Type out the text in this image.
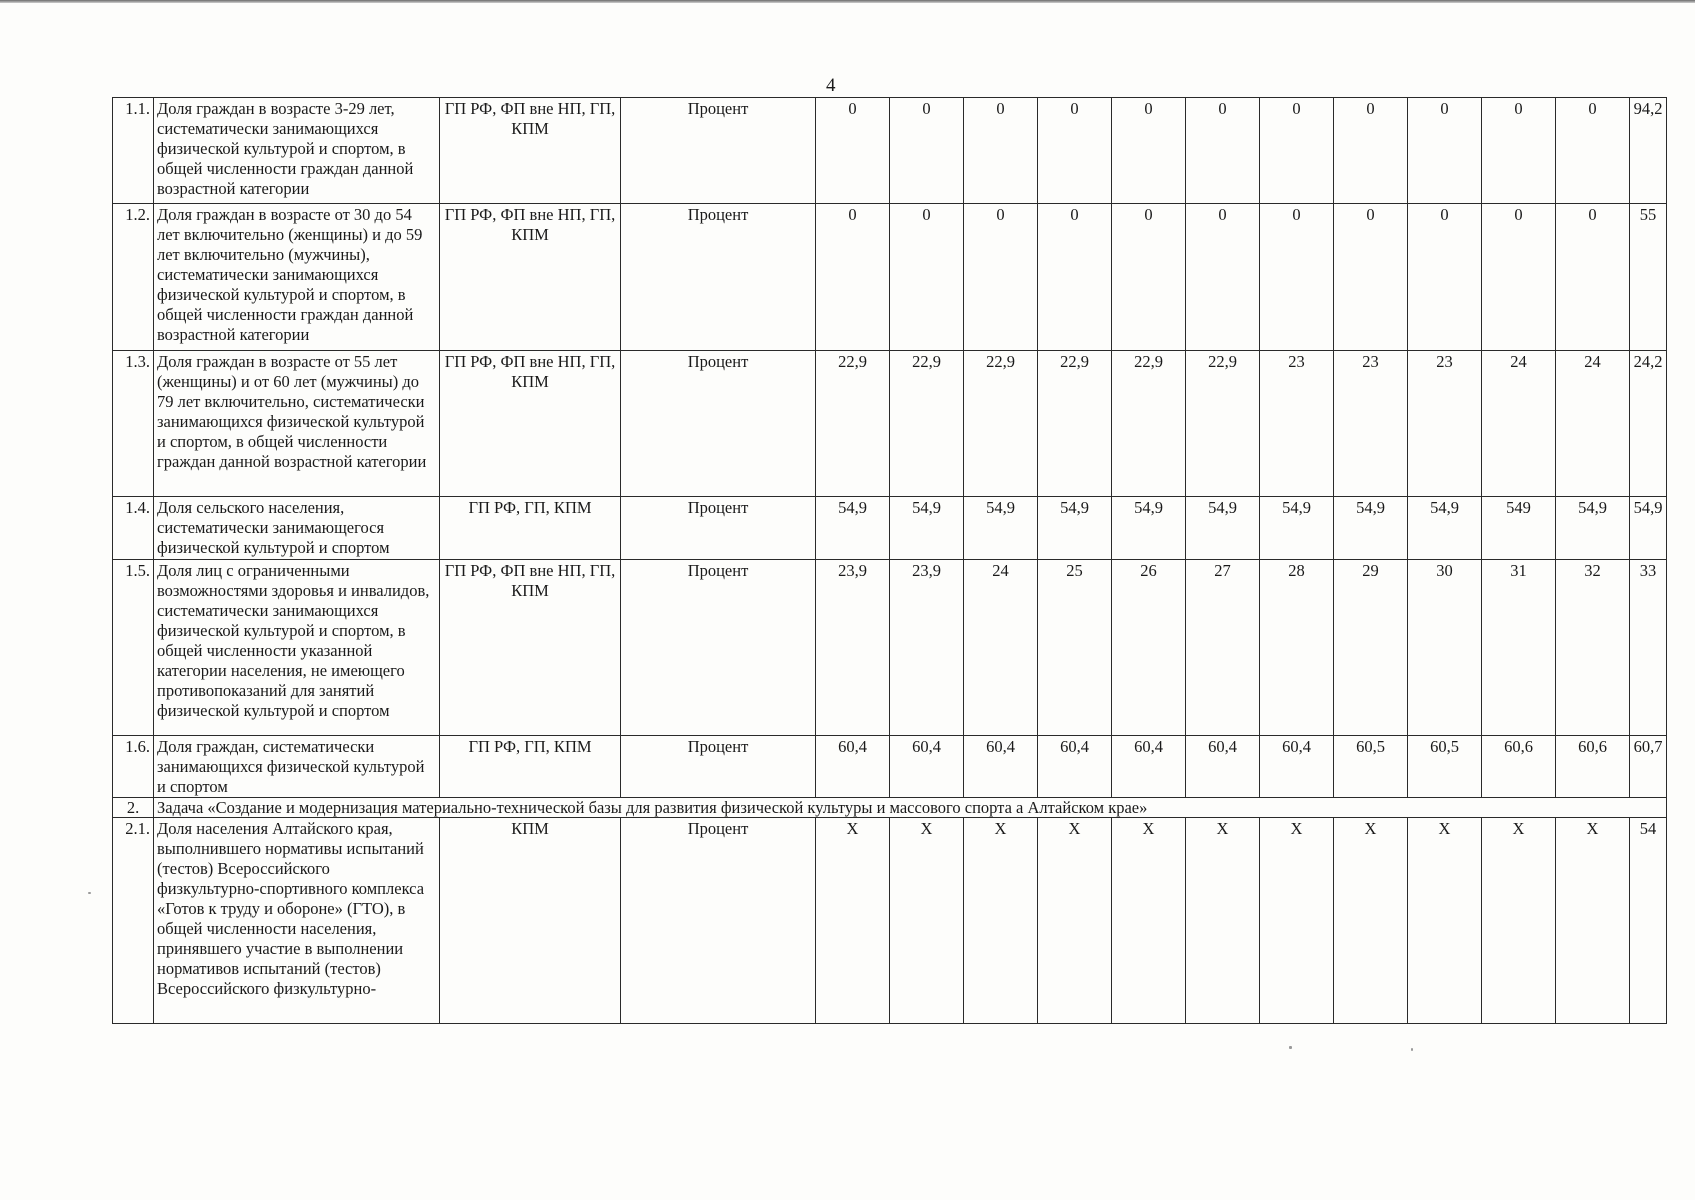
4
1.1.	Доля граждан в возрасте 3-29 лет, систематически занимающихся физической культурой и спортом, в общей численности граждан данной возрастной категории	ГП РФ, ФП вне НП, ГП, КПМ	Процент	0	0	0	0	0	0	0	0	0	0	0	94,2
1.2.	Доля граждан в возрасте от 30 до 54 лет включительно (женщины) и до 59 лет включительно (мужчины), систематически занимающихся физической культурой и спортом, в общей численности граждан данной возрастной категории	ГП РФ, ФП вне НП, ГП, КПМ	Процент	0	0	0	0	0	0	0	0	0	0	0	55
1.3.	Доля граждан в возрасте от 55 лет (женщины) и от 60 лет (мужчины) до 79 лет включительно, систематически занимающихся физической культурой и спортом, в общей численности граждан данной возрастной категории	ГП РФ, ФП вне НП, ГП, КПМ	Процент	22,9	22,9	22,9	22,9	22,9	22,9	23	23	23	24	24	24,2
1.4.	Доля сельского населения, систематически занимающегося физической культурой и спортом	ГП РФ, ГП, КПМ	Процент	54,9	54,9	54,9	54,9	54,9	54,9	54,9	54,9	54,9	549	54,9	54,9
1.5.	Доля лиц с ограниченными возможностями здоровья и инвалидов, систематически занимающихся физической культурой и спортом, в общей численности указанной категории населения, не имеющего противопоказаний для занятий физической культурой и спортом	ГП РФ, ФП вне НП, ГП, КПМ	Процент	23,9	23,9	24	25	26	27	28	29	30	31	32	33
1.6.	Доля граждан, систематически занимающихся физической культурой и спортом	ГП РФ, ГП, КПМ	Процент	60,4	60,4	60,4	60,4	60,4	60,4	60,4	60,5	60,5	60,6	60,6	60,7
2.	Задача «Создание и модернизация материально-технической базы для развития физической культуры и массового спорта а Алтайском крае»														
2.1.	Доля населения Алтайского края, выполнившего нормативы испытаний (тестов) Всероссийского физкультурно-спортивного комплекса «Готов к труду и обороне» (ГТО), в общей численности населения, принявшего участие в выполнении нормативов испытаний (тестов) Всероссийского физкультурно-	КПМ	Процент	Х	Х	Х	Х	Х	Х	Х	Х	Х	Х	Х	54
